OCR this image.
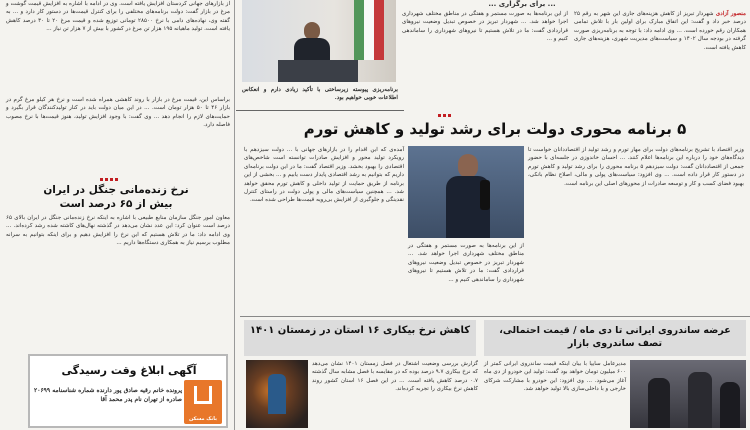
از بازارهای جهانی کردستان افزایش یافته است. وی در ادامه با اشاره به افزایش قیمت گوشت و مرغ در بازار گفت: دولت برنامه‌های مختلفی را برای کنترل قیمت‌ها در دستور کار دارد و ... به گفته وی، نهاده‌های دامی با نرخ ۲۸۵۰۰ تومانی توزیع شده و قیمت مرغ ۲۰ تا ۳۰ درصد کاهش یافته است. تولید ماهیانه ۱۹۵ هزار تن مرغ در کشور با بیش از ۷ هزار تن نیاز ...
براساس این، قیمت مرغ در بازار با روند کاهشی همراه شده است و نرخ هر کیلو مرغ گرم در بازار ۴۶ تا ۵۰ هزار تومان است. ... در این میان دولت باید در کنار تولیدکنندگان قرار بگیرد و حمایت‌های لازم را انجام دهد ... وی گفت: با وجود افزایش تولید، هنوز قیمت‌ها با نرخ مصوب فاصله دارد.
نرخ زنده‌مانی جنگل در ایران بیش از ۶۵ درصد است
معاون امور جنگل سازمان منابع طبیعی با اشاره به اینکه نرخ زنده‌مانی جنگل در ایران بالای ۶۵ درصد است عنوان کرد: این عدد نشان می‌دهد در گذشته نهال‌های کاشته شده رشد کرده‌اند. ... وی ادامه داد: ما در تلاش هستیم که این نرخ را افزایش دهیم و برای اینکه بتوانیم به سرانه مطلوب برسیم نیاز به همکاری دستگاه‌ها داریم ...
بانک مسکن
آگهی ابلاغ وقت رسیدگی
پرونده خانم رقیه صادق پور دارنده شماره شناسنامه ۲۰۶۹۹ صادره از تهران نام پدر محمد آقا
برنامه‌ریزی پیوسته زیرساختی با تأکید زیادی دارم و انعکاس اطلاعات خوبی خواهیم بود.
... برای برگزاری ...
از این برنامه‌ها به صورت مستمر و هفتگی در مناطق مختلف شهرداری اجرا خواهد شد. ... شهردار تبریز در خصوص تبدیل وضعیت نیروهای قراردادی گفت: ما در تلاش هستیم تا نیروهای شهرداری را ساماندهی کنیم و ...
منصور آزادی شهردار تبریز از کاهش هزینه‌های جاری این شهر به رقم ۲۵ درصد خبر داد و گفت: این اتفاق مبارک برای اولین بار با تلاش تمامی همکاران رقم خورده است. ... وی ادامه داد: با توجه به برنامه‌ریزی صورت گرفته در بودجه سال ۱۴۰۲ و سیاست‌های مدیریت شهری، هزینه‌های جاری کاهش یافته است.
۵ برنامه محوری دولت برای رشد تولید و کاهش تورم
آمده‌ی که این اقدام را در بازارهای جهانی با ... دولت سیزدهم با رویکرد تولید محور و افزایش صادرات توانسته است شاخص‌های اقتصادی را بهبود بخشد. وزیر اقتصاد گفت: ما در این دولت برنامه‌ای داریم که بتوانیم به رشد اقتصادی پایدار دست یابیم و ... بخشی از این برنامه از طریق حمایت از تولید داخلی و کاهش تورم محقق خواهد شد. ... همچنین سیاست‌های مالی و پولی دولت در راستای کنترل نقدینگی و جلوگیری از افزایش بی‌رویه قیمت‌ها طراحی شده است.
از این برنامه‌ها به صورت مستمر و هفتگی در مناطق مختلف شهرداری اجرا خواهد شد. ... شهردار تبریز در خصوص تبدیل وضعیت نیروهای قراردادی گفت: ما در تلاش هستیم تا نیروهای شهرداری را ساماندهی کنیم و ...
وزیر اقتصاد با تشریح برنامه‌های دولت برای مهار تورم و رشد تولید از اقتصاددانان خواست تا دیدگاه‌های خود را درباره این برنامه‌ها اعلام کنند. ... احسان خاندوزی در جلسه‌ای با حضور جمعی از اقتصاددانان گفت: دولت سیزدهم ۵ برنامه محوری را برای رشد تولید و کاهش تورم در دستور کار قرار داده است. ... وی افزود: سیاست‌های پولی و مالی، اصلاح نظام بانکی، بهبود فضای کسب و کار و توسعه صادرات از محورهای اصلی این برنامه است.
کاهش نرخ بیکاری ۱۶ استان در زمستان ۱۴۰۱
گزارش بررسی وضعیت اشتغال در فصل زمستان ۱۴۰۱ نشان می‌دهد که نرخ بیکاری ۹.۷ درصد بوده که در مقایسه با فصل مشابه سال گذشته ۰.۷ درصد کاهش یافته است. ... در این فصل ۱۶ استان کشور روند کاهش نرخ بیکاری را تجربه کرده‌اند.
عرضه ساندروی ایرانی تا دی ماه / قیمت احتمالی، تصف ساندروی بازار
مدیرعامل سایپا با بیان اینکه قیمت ساندروی ایرانی کمتر از ۶۰۰ میلیون تومان خواهد بود گفت: تولید این خودرو از دی ماه آغاز می‌شود. ... وی افزود: این خودرو با مشارکت شرکای خارجی و با داخلی‌سازی بالا تولید خواهد شد.
